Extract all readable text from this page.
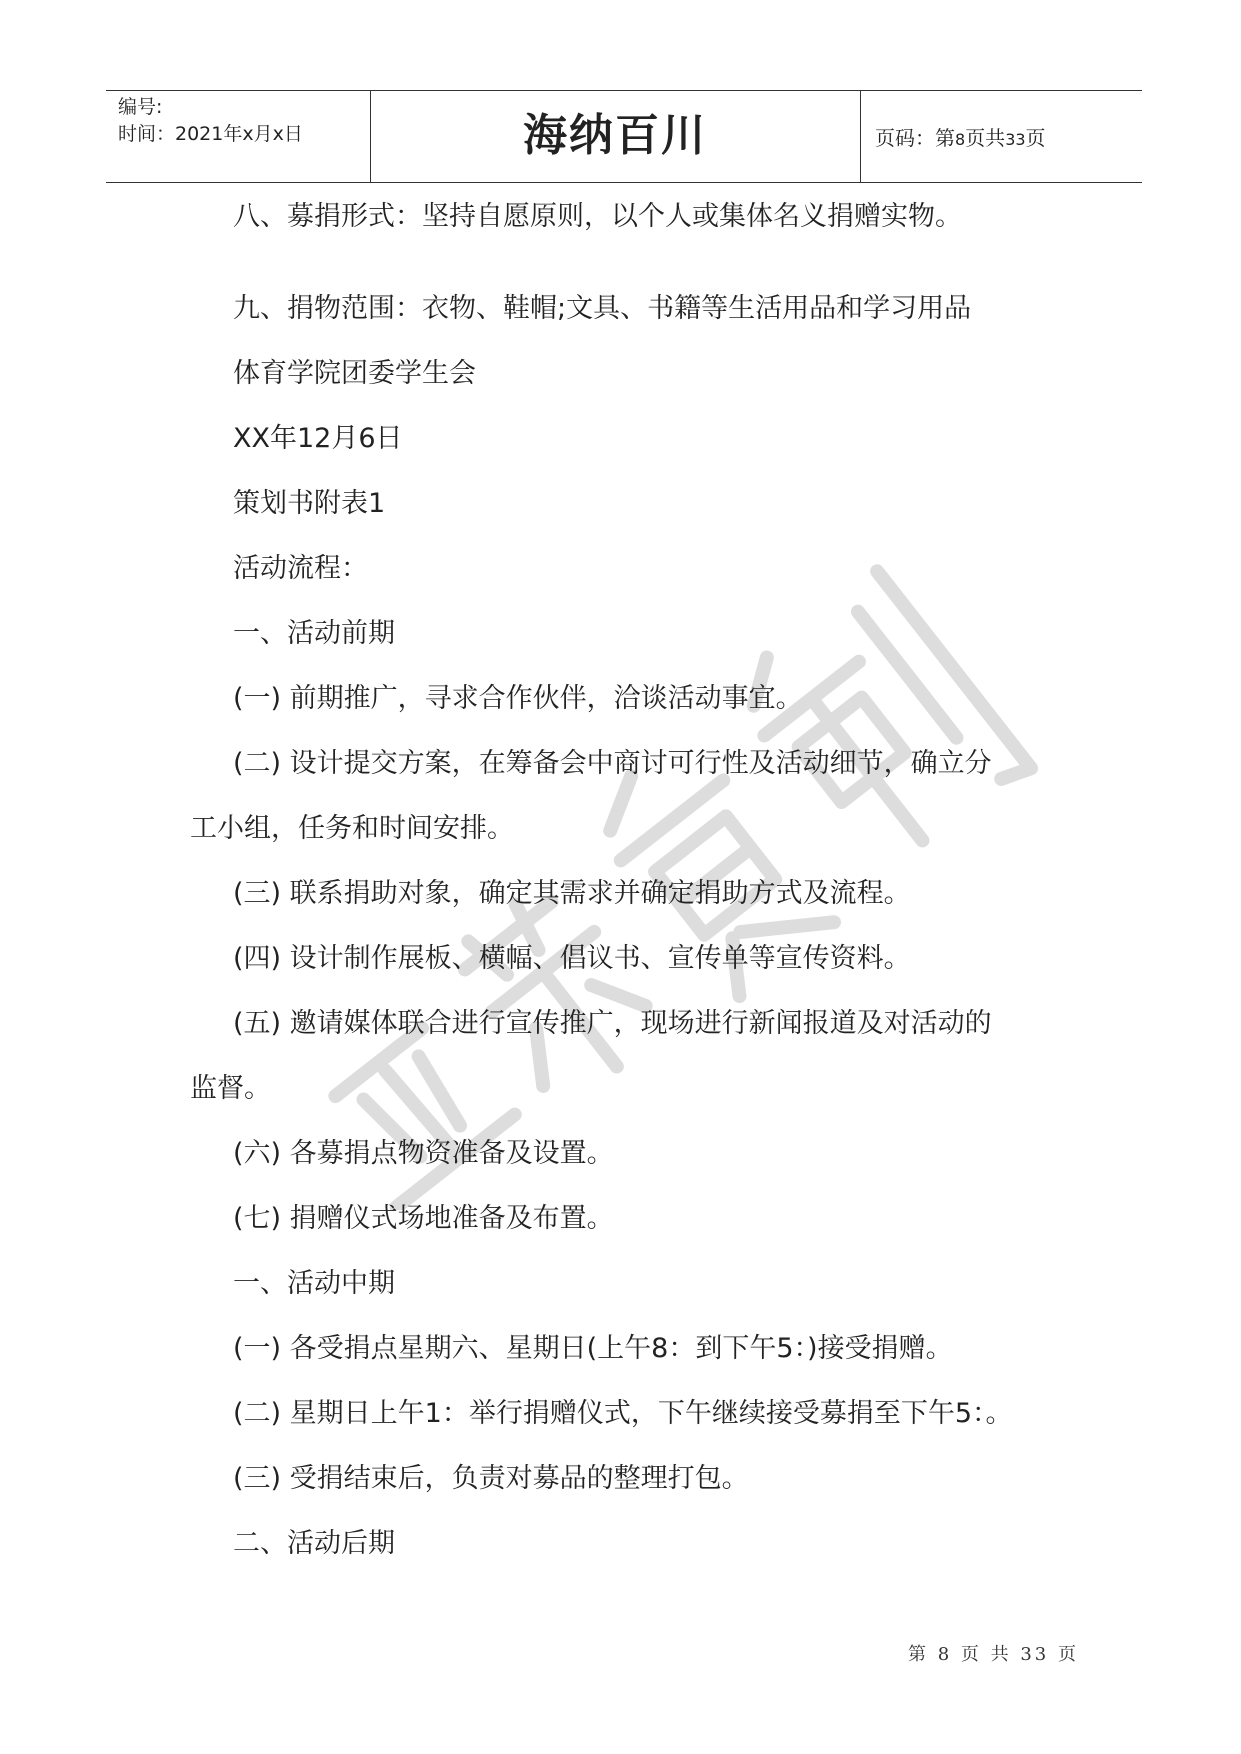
编号:
时间：2021年x月x日	海纳百川	页码：第8页共33页
八、募捐形式：坚持自愿原则，以个人或集体名义捐赠实物。
九、捐物范围：衣物、鞋帽;文具、书籍等生活用品和学习用品
体育学院团委学生会
XX年12月6日
策划书附表1
活动流程：
一、活动前期
(一) 前期推广，寻求合作伙伴，洽谈活动事宜。
(二) 设计提交方案，在筹备会中商讨可行性及活动细节，确立分
工小组，任务和时间安排。
(三) 联系捐助对象，确定其需求并确定捐助方式及流程。
(四) 设计制作展板、横幅、倡议书、宣传单等宣传资料。
(五) 邀请媒体联合进行宣传推广，现场进行新闻报道及对活动的
监督。
(六) 各募捐点物资准备及设置。
(七) 捐赠仪式场地准备及布置。
一、活动中期
(一) 各受捐点星期六、星期日(上午8：到下午5：)接受捐赠。
(二) 星期日上午1：举行捐赠仪式，下午继续接受募捐至下午5：。
(三) 受捐结束后，负责对募品的整理打包。
二、活动后期
第 8 页 共 33 页
